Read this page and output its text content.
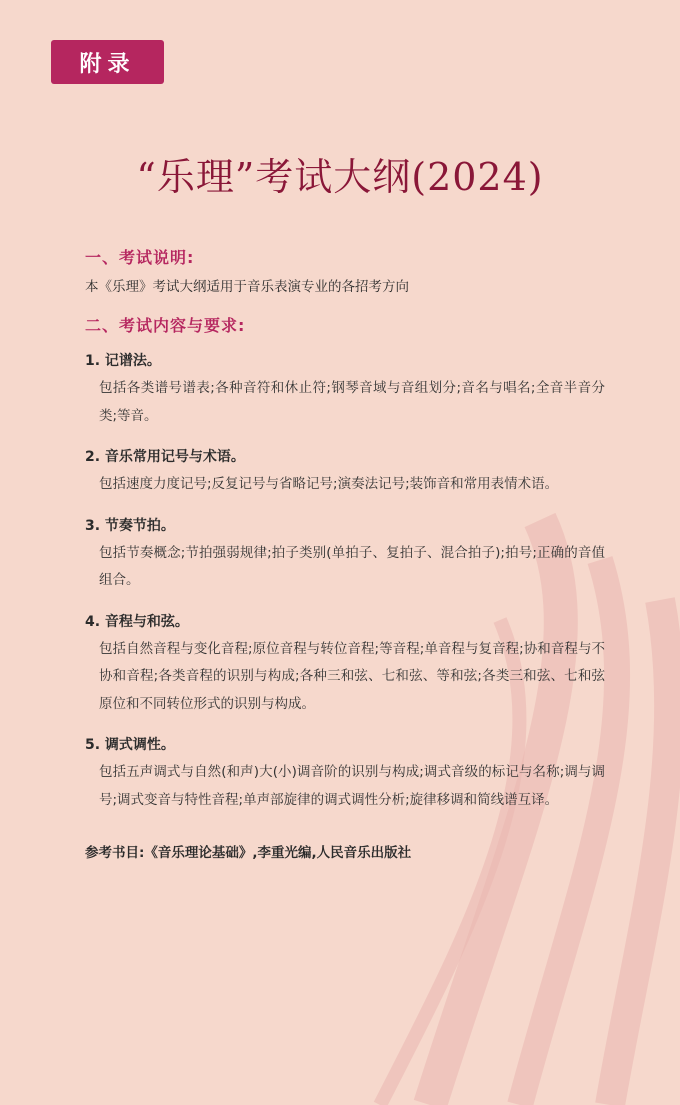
附录
“乐理”考试大纲(2024)

一、考试说明:

本《乐理》考试大纲适用于音乐表演专业的各招考方向

二、考试内容与要求:

1. 记谱法。

包括各类谱号谱表;各种音符和休止符;钢琴音域与音组划分;音名与唱名;全音半音分类;等音。

2. 音乐常用记号与术语。

包括速度力度记号;反复记号与省略记号;演奏法记号;装饰音和常用表情术语。

3. 节奏节拍。

包括节奏概念;节拍强弱规律;拍子类别(单拍子、复拍子、混合拍子);拍号;正确的音值组合。

4. 音程与和弦。

包括自然音程与变化音程;原位音程与转位音程;等音程;单音程与复音程;协和音程与不协和音程;各类音程的识别与构成;各种三和弦、七和弦、等和弦;各类三和弦、七和弦原位和不同转位形式的识别与构成。

5. 调式调性。

包括五声调式与自然(和声)大(小)调音阶的识别与构成;调式音级的标记与名称;调与调号;调式变音与特性音程;单声部旋律的调式调性分析;旋律移调和简线谱互译。

参考书目:《音乐理论基础》,李重光编,人民音乐出版社
